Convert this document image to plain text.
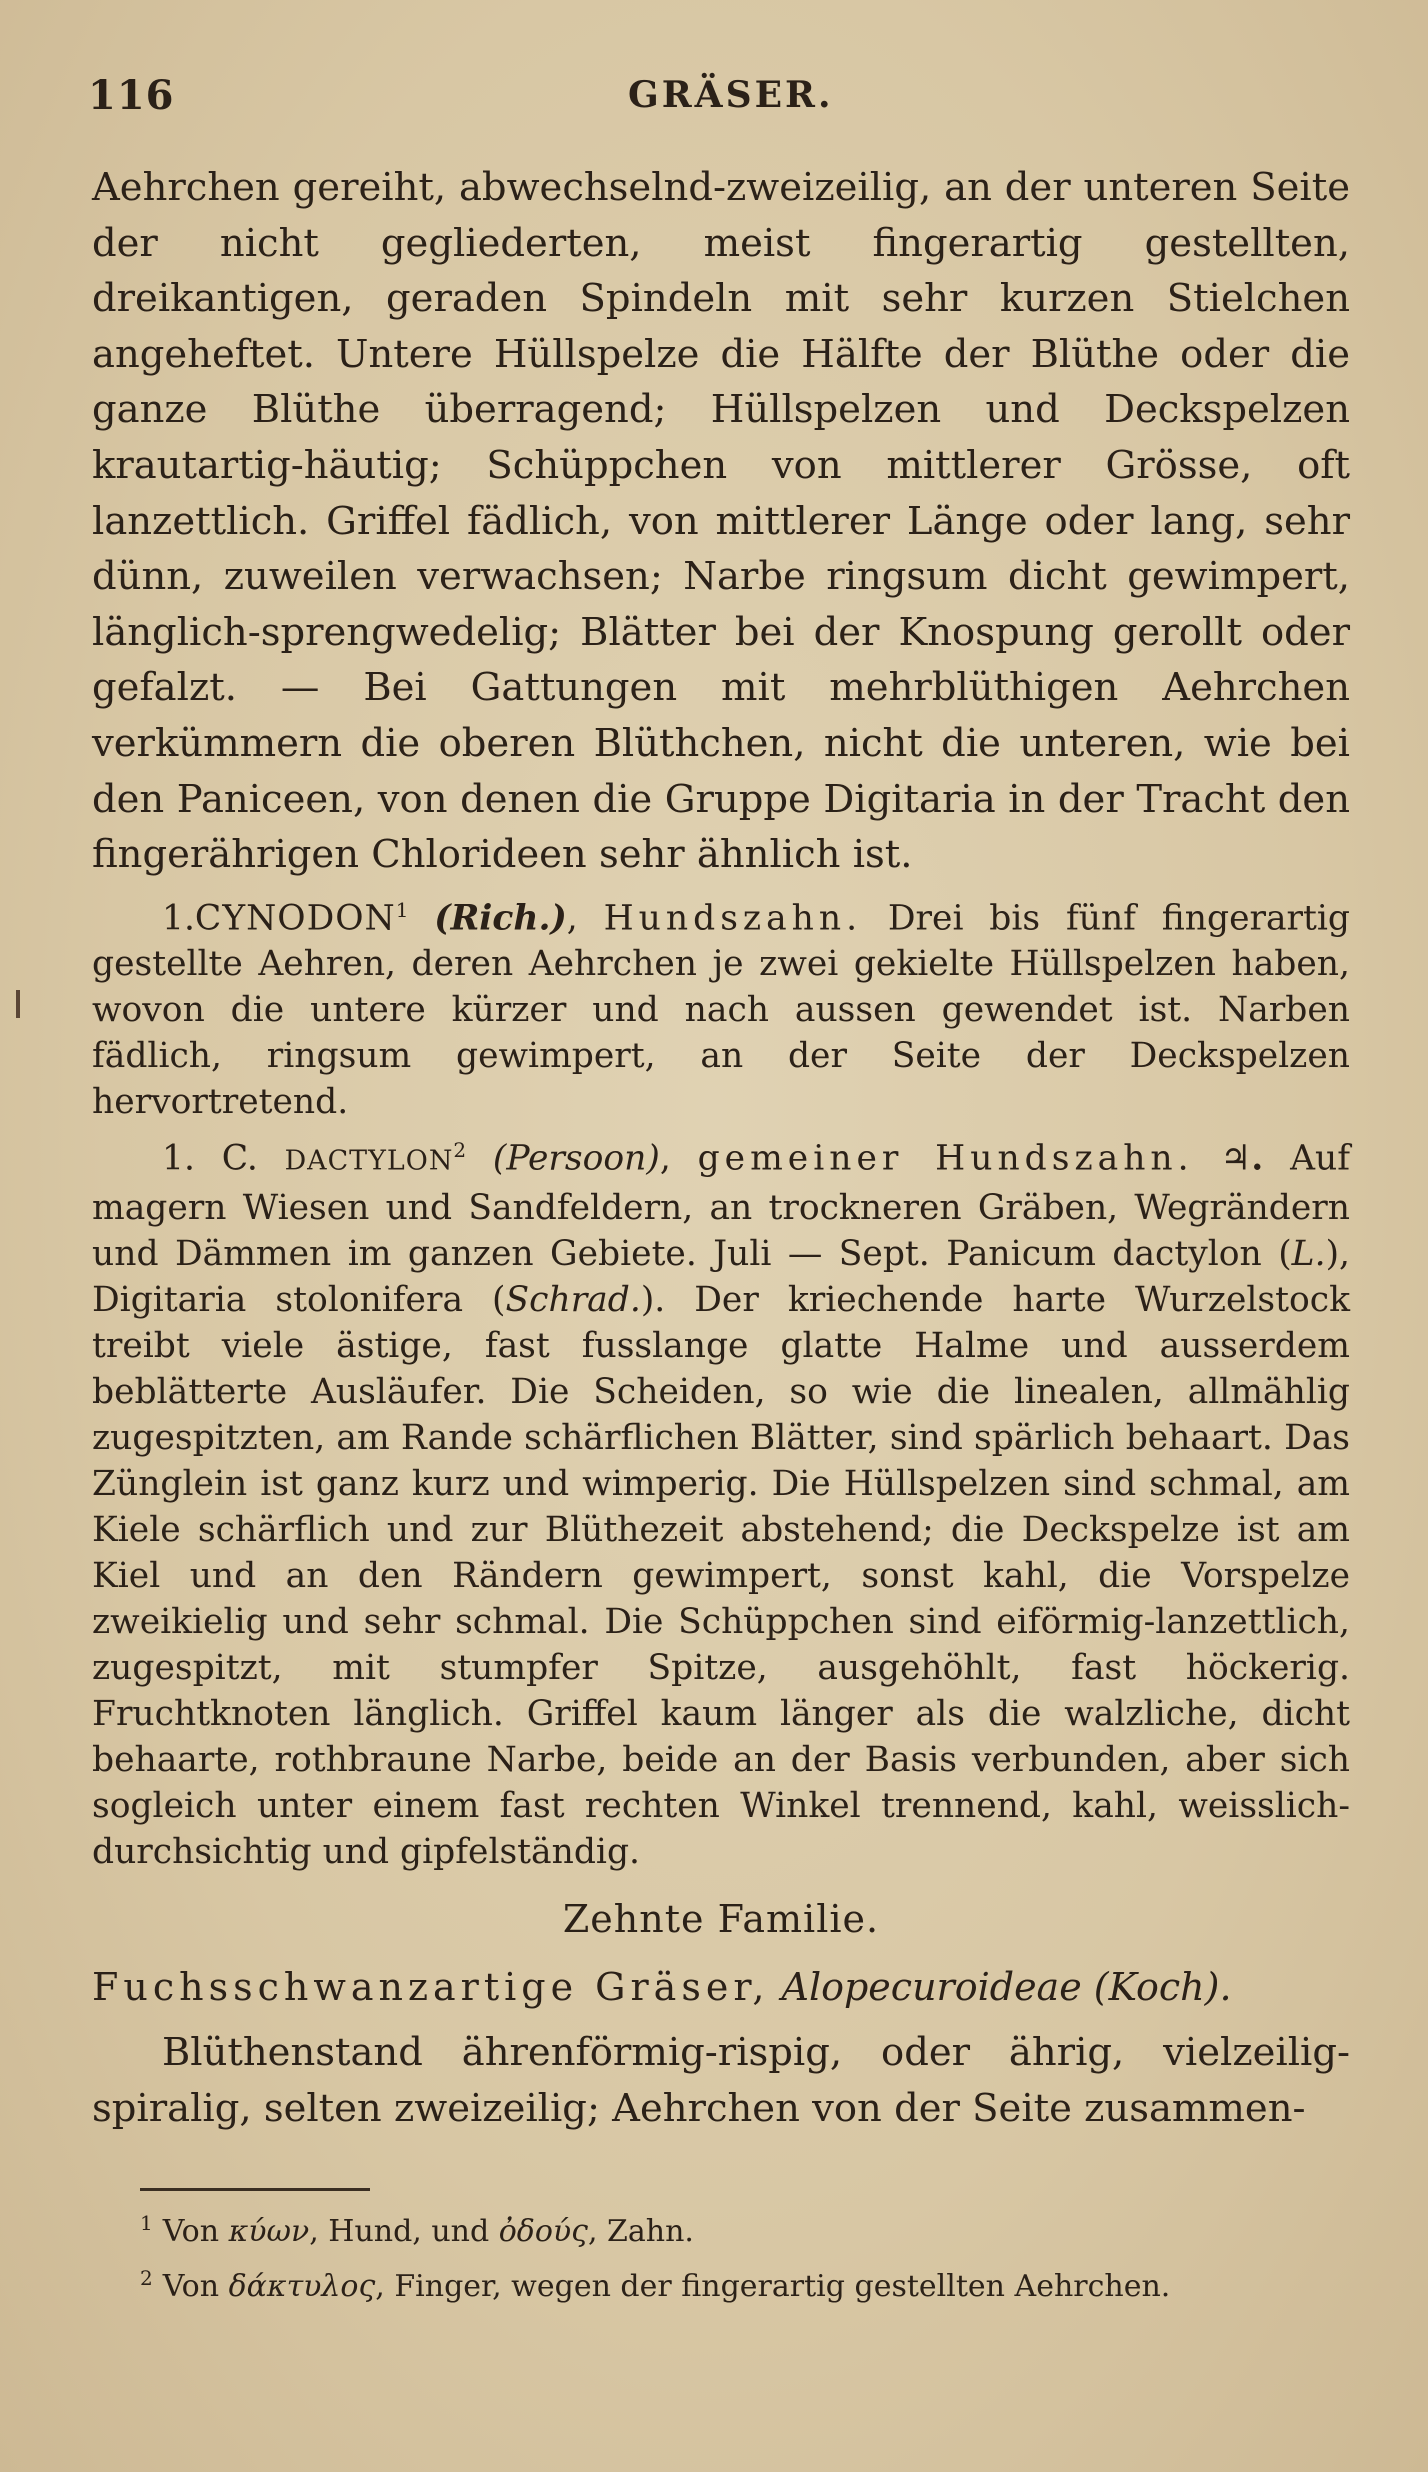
116	GRÄSER.

Aehrchen gereiht, abwechselnd-zweizeilig, an der unteren Seite der nicht gegliederten, meist fingerartig gestellten, dreikantigen, geraden Spindeln mit sehr kurzen Stielchen angeheftet. Untere Hüllspelze die Hälfte der Blüthe oder die ganze Blüthe überragend; Hüllspelzen und Deckspelzen krautartig-häutig; Schüppchen von mittlerer Grösse, oft lanzettlich. Griffel fädlich, von mittlerer Länge oder lang, sehr dünn, zuweilen verwachsen; Narbe ringsum dicht gewimpert, länglich-sprengwedelig; Blätter bei der Knospung gerollt oder gefalzt. — Bei Gattungen mit mehrblüthigen Aehrchen verkümmern die oberen Blüthchen, nicht die unteren, wie bei den Paniceen, von denen die Gruppe Digitaria in der Tracht den fingerährigen Chlorideen sehr ähnlich ist.

1.CYNODON$^1$ (Rich.), Hundszahn. Drei bis fünf fingerartig gestellte Aehren, deren Aehrchen je zwei gekielte Hüllspelzen haben, wovon die untere kürzer und nach aussen gewendet ist. Narben fädlich, ringsum gewimpert, an der Seite der Deckspelzen hervortretend.

1. C. DACTYLON$^2$ (Persoon), gemeiner Hundszahn. ♃. Auf magern Wiesen und Sandfeldern, an trockneren Gräben, Wegrändern und Dämmen im ganzen Gebiete. Juli — Sept. Panicum dactylon (L.), Digitaria stolonifera (Schrad.). Der kriechende harte Wurzelstock treibt viele ästige, fast fusslange glatte Halme und ausserdem beblätterte Ausläufer. Die Scheiden, so wie die linealen, allmählig zugespitzten, am Rande schärflichen Blätter, sind spärlich behaart. Das Zünglein ist ganz kurz und wimperig. Die Hüllspelzen sind schmal, am Kiele schärflich und zur Blüthezeit abstehend; die Deckspelze ist am Kiel und an den Rändern gewimpert, sonst kahl, die Vorspelze zweikielig und sehr schmal. Die Schüppchen sind eiförmig-lanzettlich, zugespitzt, mit stumpfer Spitze, ausgehöhlt, fast höckerig. Fruchtknoten länglich. Griffel kaum länger als die walzliche, dicht behaarte, rothbraune Narbe, beide an der Basis verbunden, aber sich sogleich unter einem fast rechten Winkel trennend, kahl, weisslich-durchsichtig und gipfelständig.

Zehnte Familie.
Fuchsschwanzartige Gräser, Alopecuroideae (Koch).

Blüthenstand ährenförmig-rispig, oder ährig, vielzeilig-spiralig, selten zweizeilig; Aehrchen von der Seite zusammen-

$^1$ Von κύων, Hund, und ὀδούς, Zahn.

$^2$ Von δάκτυλος, Finger, wegen der fingerartig gestellten Aehrchen.
